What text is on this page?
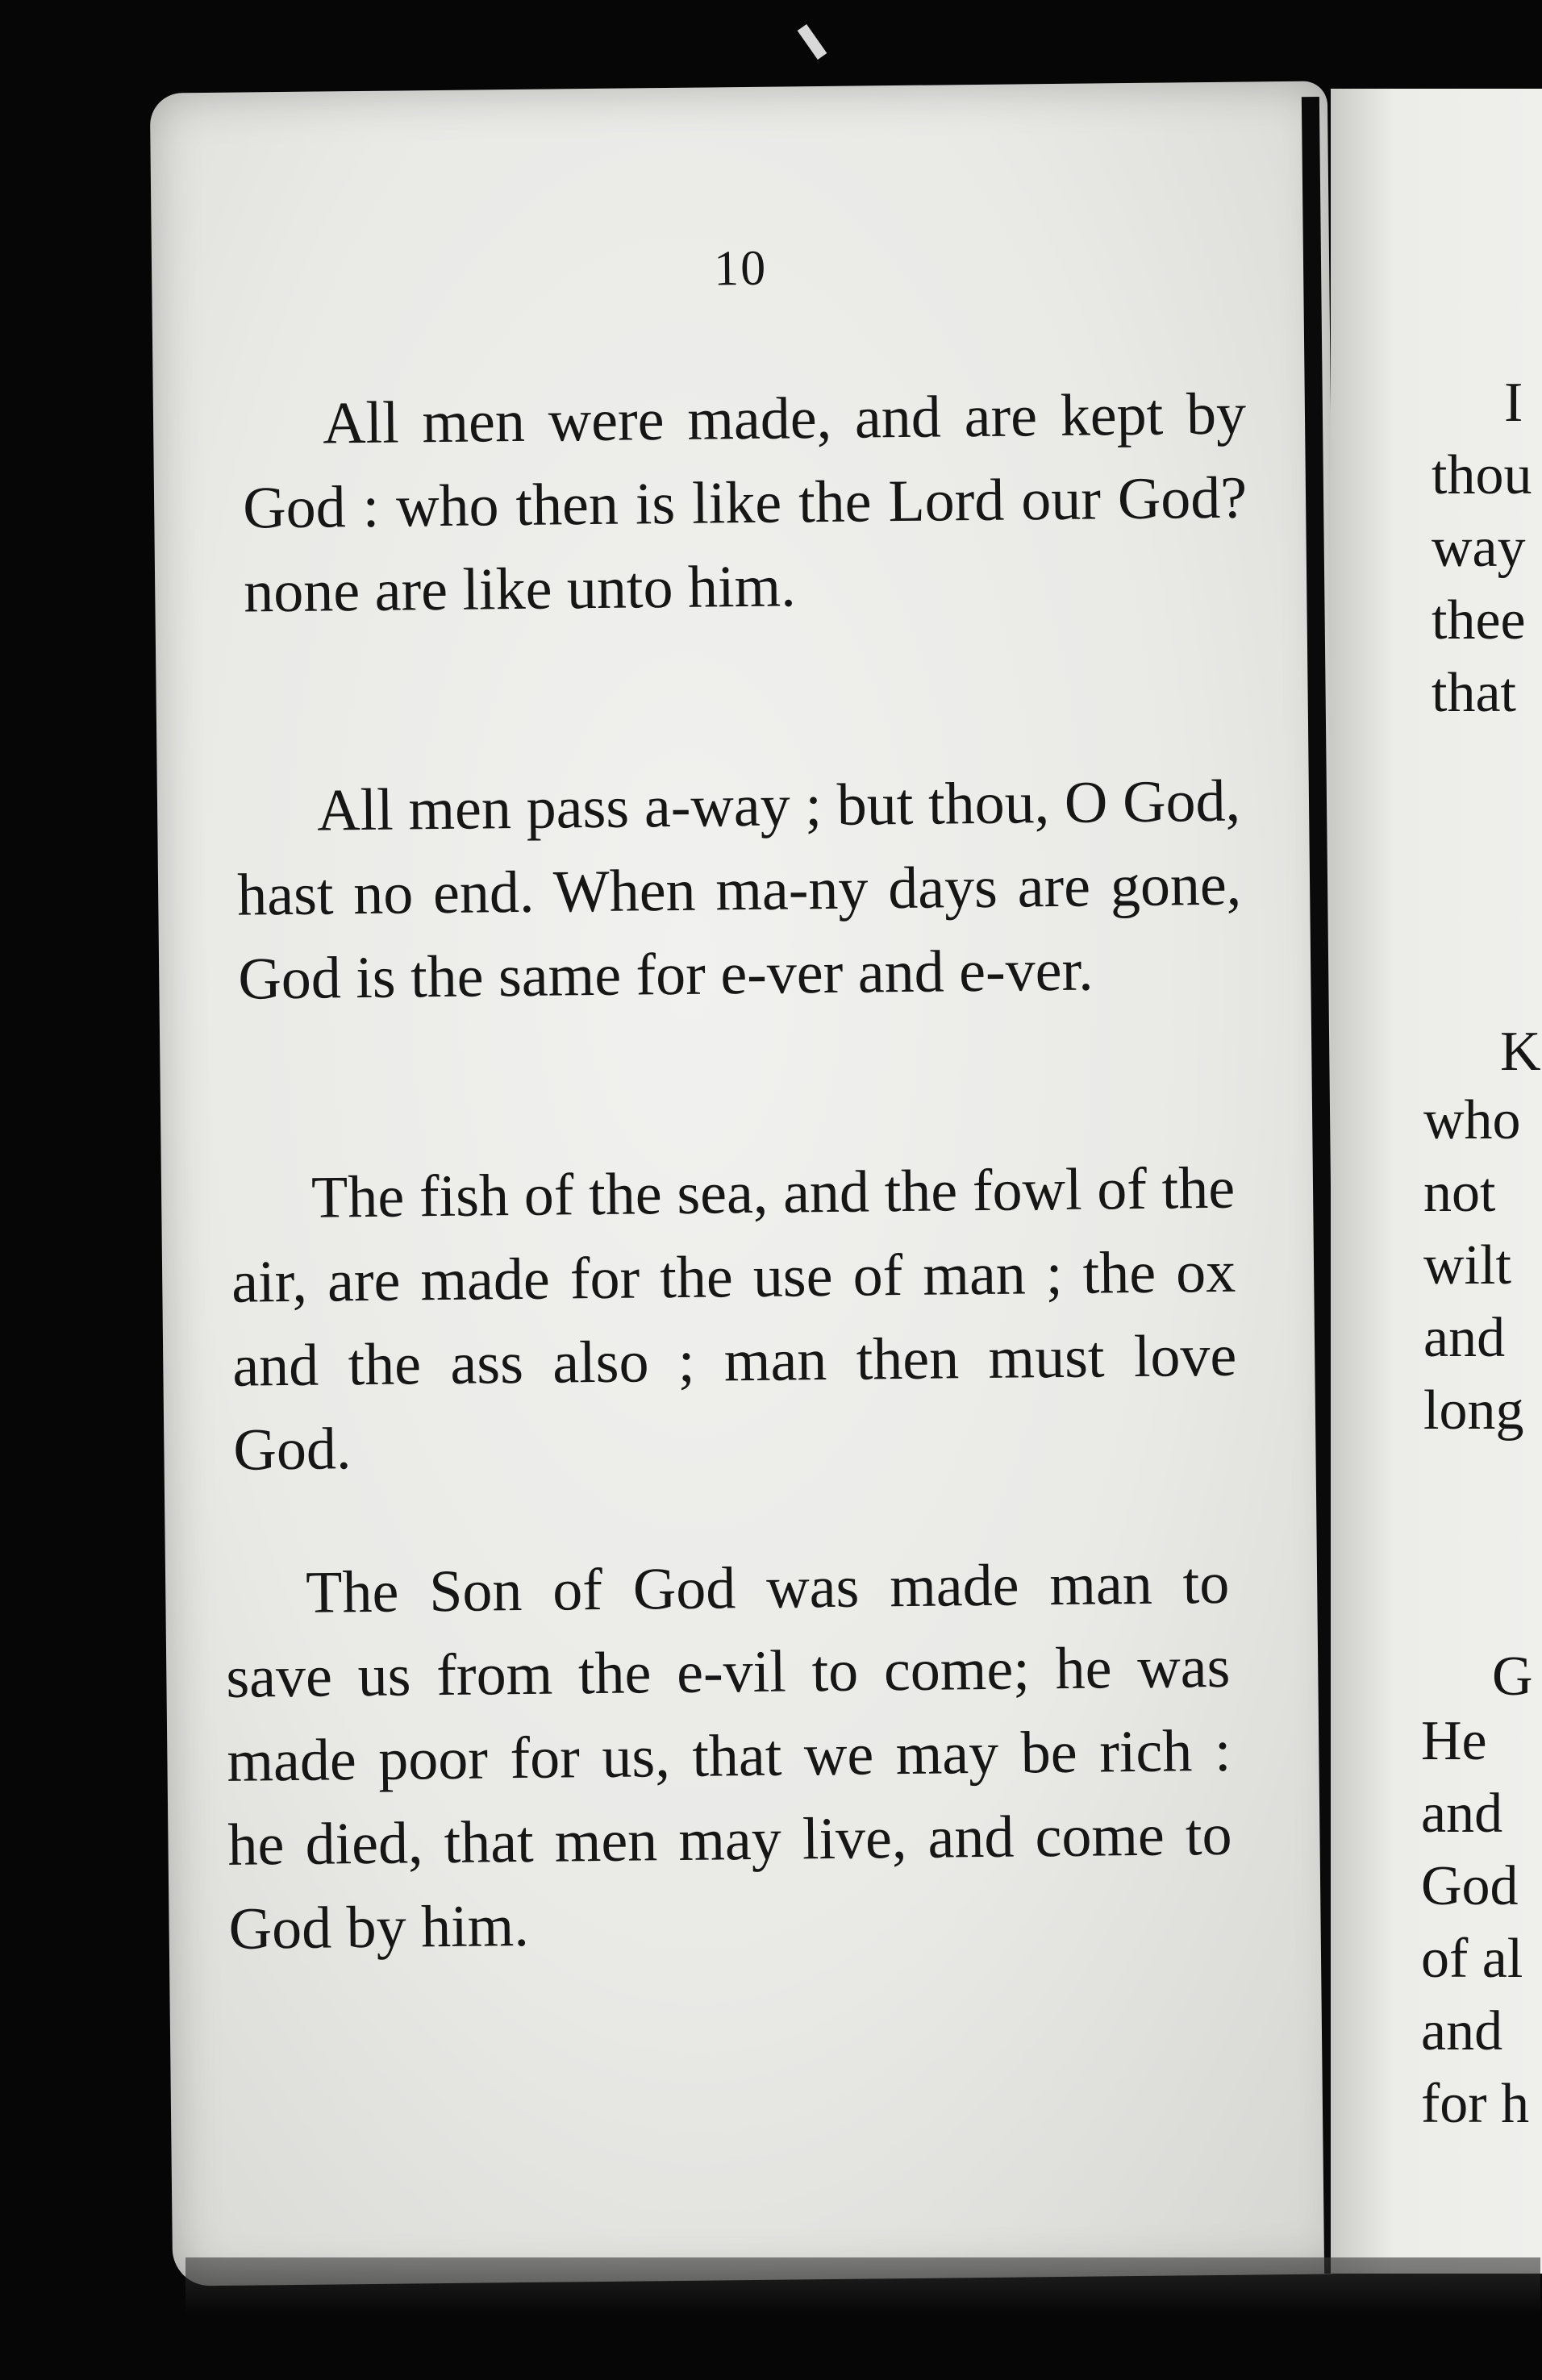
10

All men were made, and are kept by God : who then is like the Lord our God? none are like unto him.

All men pass a-way ; but thou, O God, hast no end. When ma-ny days are gone, God is the same for e-ver and e-ver.

The fish of the sea, and the fowl of the air, are made for the use of man ; the ox and the ass also ; man then must love God.

The Son of God was made man to save us from the e-vil to come; he was made poor for us, that we may be rich : he died, that men may live, and come to God by him.

I
thou
way
thee
that
K
who
not
wilt
and
long
G
He
and
God
of al
and
for h
